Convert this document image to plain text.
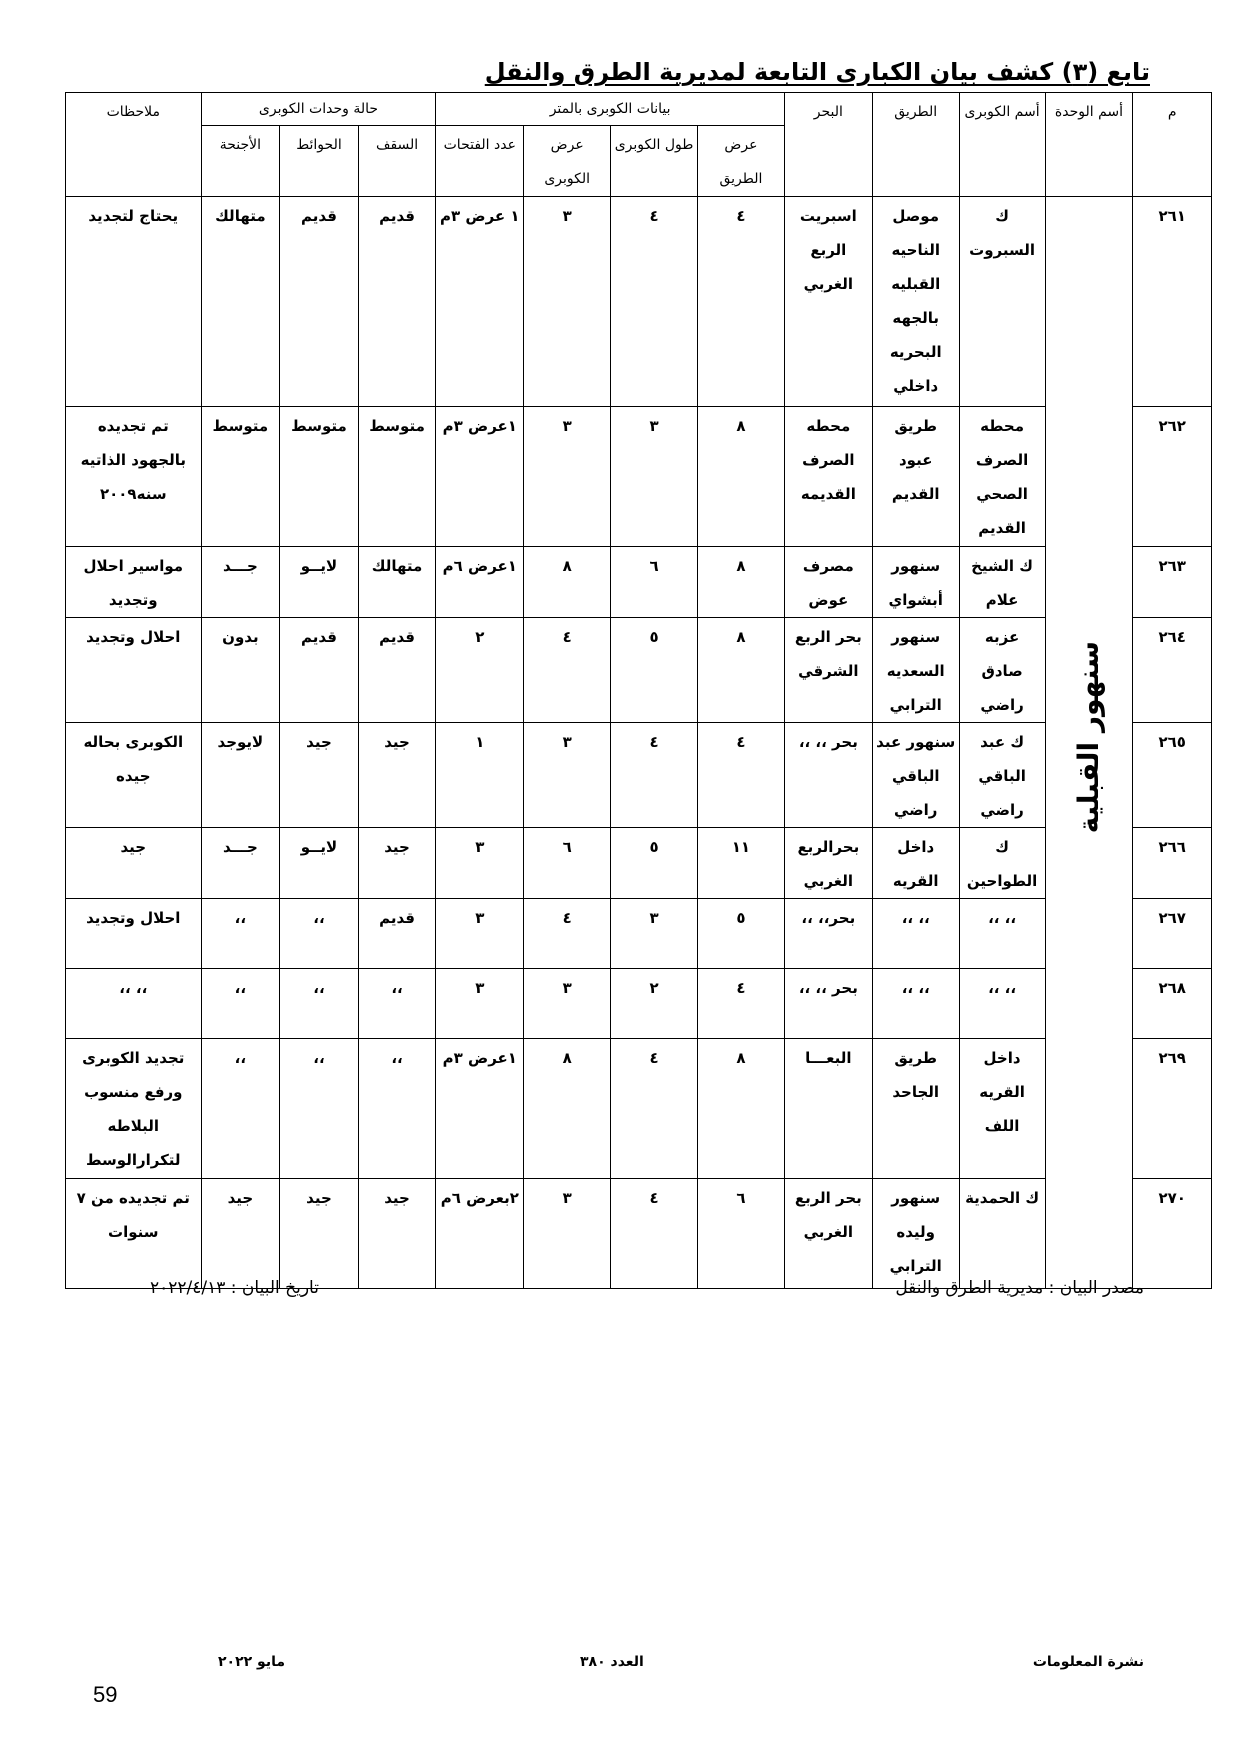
تابع (٣) كشف بيان الكبارى التابعة لمديرية الطرق والنقل
م	أسم الوحدة	أسم الكوبرى	الطريق	البحر	بيانات الكوبرى بالمتر				حالة وحدات الكوبرى			ملاحظات
					عرض الطريق	طول الكوبرى	عرض الكوبرى	عدد الفتحات	السقف	الحوائط	الأجنحة	
٢٦١	سنهور القبلية	ك السبروت	موصل الناحيه القبليه بالجهه البحريه داخلي	اسبريت الربع الغربي	٤	٤	٣	١ عرض ٣م	قديم	قديم	متهالك	يحتاج لتجديد
٢٦٢		محطه الصرف الصحي القديم	طريق عبود القديم	محطه الصرف القديمه	٨	٣	٣	١عرض ٣م	متوسط	متوسط	متوسط	تم تجديده بالجهود الذاتيه سنه٢٠٠٩
٢٦٣		ك الشيخ علام	سنهور أبشواي	مصرف عوض	٨	٦	٨	١عرض ٦م	متهالك	لايــو	جـــد	مواسير احلال وتجديد
٢٦٤		عزبه صادق راضي	سنهور السعديه الترابي	بحر الربع الشرقي	٨	٥	٤	٢	قديم	قديم	بدون	احلال وتجديد
٢٦٥		ك عبد الباقي راضي	سنهور عبد الباقي راضي	بحر ،، ،،	٤	٤	٣	١	جيد	جيد	لايوجد	الكوبرى بحاله جيده
٢٦٦		ك الطواحين	داخل القريه	بحرالربع الغربي	١١	٥	٦	٣	جيد	لايــو	جـــد	جيد
٢٦٧		،، ،،	،، ،،	بحر،، ،،	٥	٣	٤	٣	قديم	،،	،،	احلال وتجديد
٢٦٨		،، ،،	،، ،،	بحر ،، ،،	٤	٢	٣	٣	،،	،،	،،	،، ،،
٢٦٩		داخل القريه اللف	طريق الجاحد	البعـــا	٨	٤	٨	١عرض ٣م	،،	،،	،،	تجديد الكوبرى ورفع منسوب البلاطه لتكرارالوسط
٢٧٠		ك الحمدية	سنهور وليده الترابي	بحر الربع الغربي	٦	٤	٣	٢بعرض ٦م	جيد	جيد	جيد	تم تجديده من ٧ سنوات
مصدر البيان : مديرية الطرق والنقل
تاريخ البيان : ٢٠٢٢/٤/١٣
نشرة المعلومات
العدد ٣٨٠
مايو ٢٠٢٢
59
